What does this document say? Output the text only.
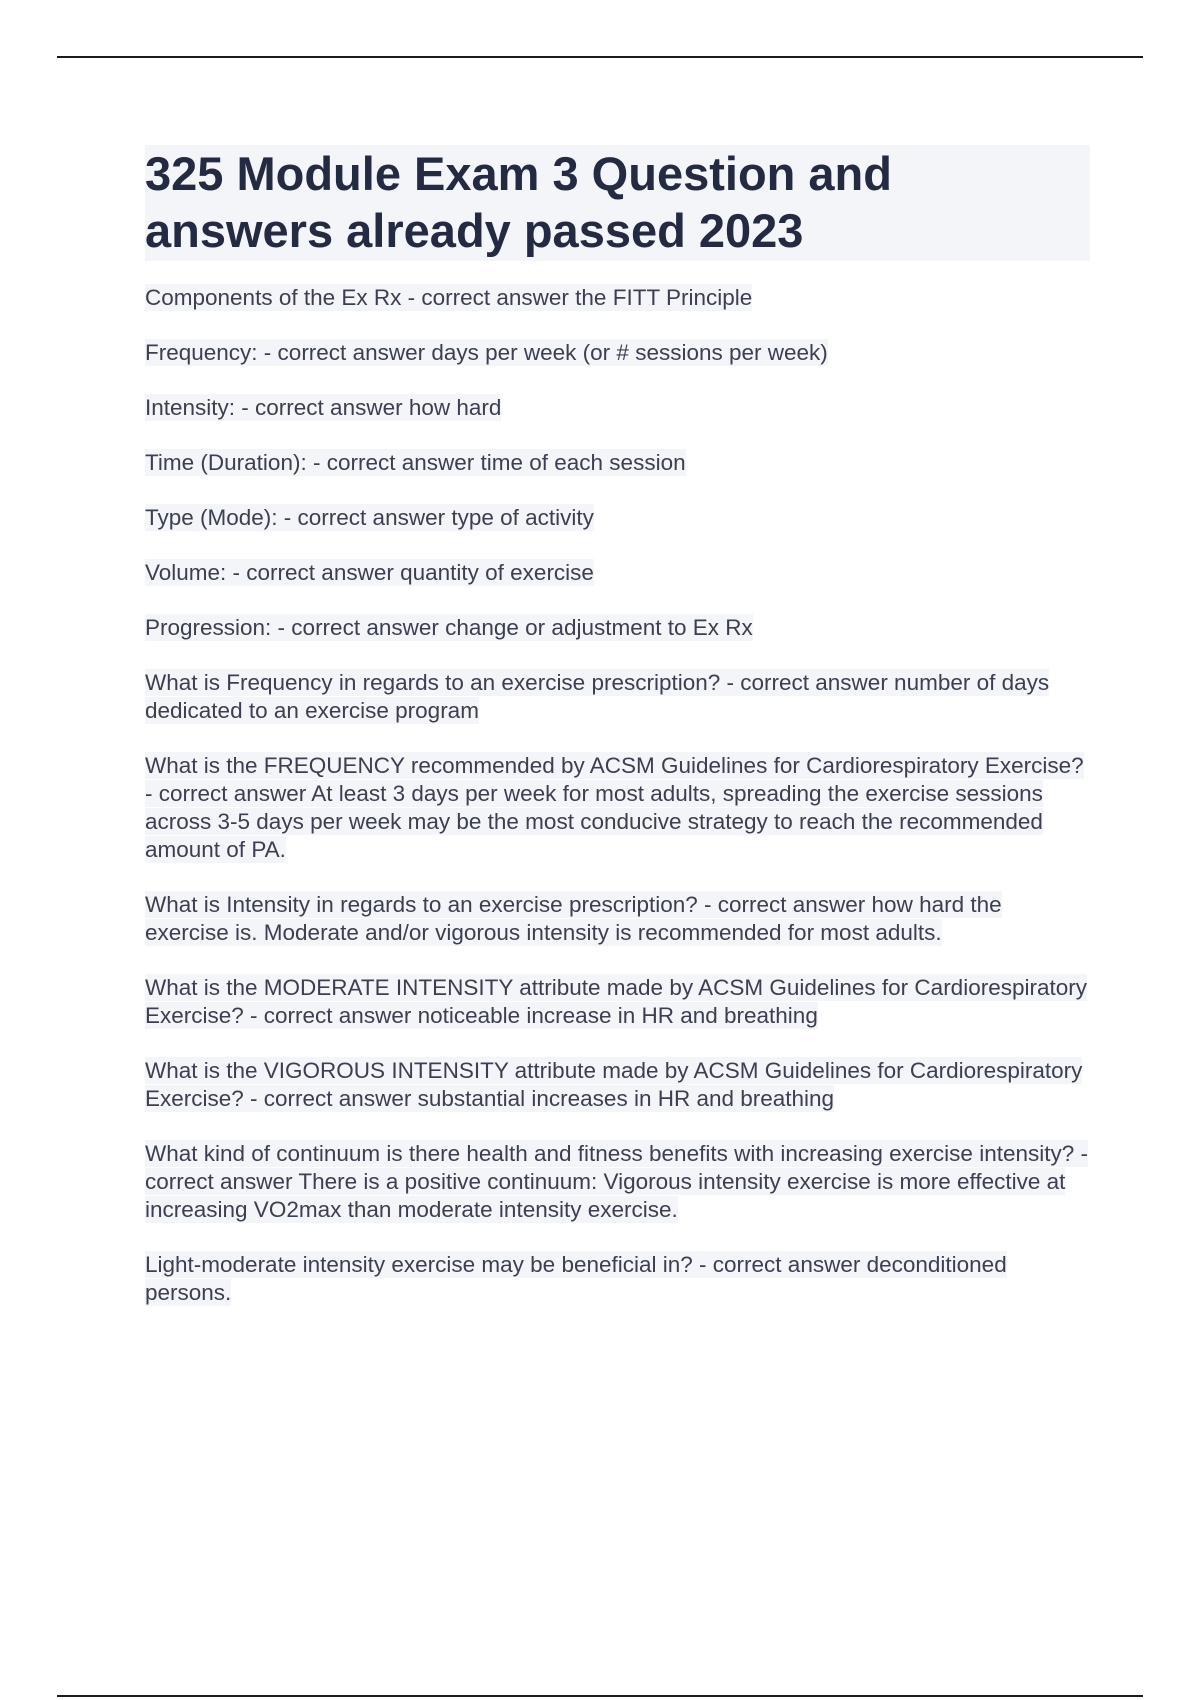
325 Module Exam 3 Question and
answers already passed 2023
Components of the Ex Rx - correct answer the FITT Principle
Frequency: - correct answer days per week (or # sessions per week)
Intensity: - correct answer how hard
Time (Duration): - correct answer time of each session
Type (Mode): - correct answer type of activity
Volume: - correct answer quantity of exercise
Progression: - correct answer change or adjustment to Ex Rx
What is Frequency in regards to an exercise prescription? - correct answer number of days dedicated to an exercise program
What is the FREQUENCY recommended by ACSM Guidelines for Cardiorespiratory Exercise? - correct answer At least 3 days per week for most adults, spreading the exercise sessions across 3-5 days per week may be the most conducive strategy to reach the recommended amount of PA.
What is Intensity in regards to an exercise prescription? - correct answer how hard the exercise is. Moderate and/or vigorous intensity is recommended for most adults.
What is the MODERATE INTENSITY attribute made by ACSM Guidelines for Cardiorespiratory Exercise? - correct answer noticeable increase in HR and breathing
What is the VIGOROUS INTENSITY attribute made by ACSM Guidelines for Cardiorespiratory Exercise? - correct answer substantial increases in HR and breathing
What kind of continuum is there health and fitness benefits with increasing exercise intensity? - correct answer There is a positive continuum: Vigorous intensity exercise is more effective at increasing VO2max than moderate intensity exercise.
Light-moderate intensity exercise may be beneficial in? - correct answer deconditioned persons.
